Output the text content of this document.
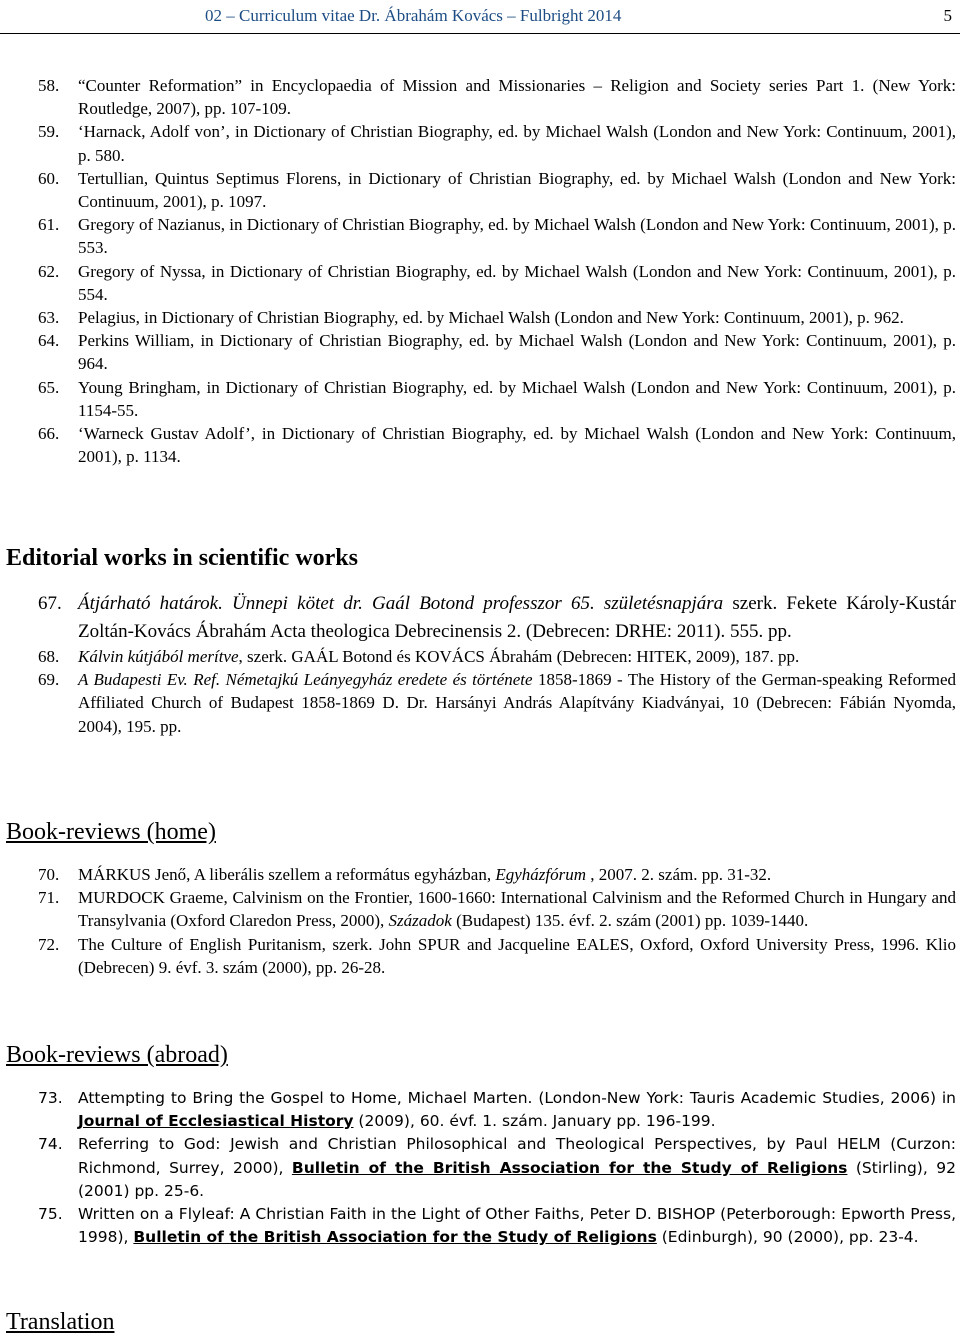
02 – Curriculum vitae Dr. Ábrahám Kovács – Fulbright 2014	5
58.	“Counter Reformation” in Encyclopaedia of Mission and Missionaries – Religion and Society series Part 1. (New York: Routledge, 2007), pp. 107-109.
59.	‘Harnack, Adolf von’, in Dictionary of Christian Biography, ed. by Michael Walsh (London and New York: Continuum, 2001), p. 580.
60.	Tertullian, Quintus Septimus Florens, in Dictionary of Christian Biography, ed. by Michael Walsh (London and New York: Continuum, 2001), p. 1097.
61.	Gregory of Nazianus, in Dictionary of Christian Biography, ed. by Michael Walsh (London and New York: Continuum, 2001), p. 553.
62.	Gregory of Nyssa, in Dictionary of Christian Biography, ed. by Michael Walsh (London and New York: Continuum, 2001), p. 554.
63.	Pelagius, in Dictionary of Christian Biography, ed. by Michael Walsh (London and New York: Continuum, 2001), p. 962.
64.	Perkins William, in Dictionary of Christian Biography, ed. by Michael Walsh (London and New York: Continuum, 2001), p. 964.
65.	Young Bringham, in Dictionary of Christian Biography, ed. by Michael Walsh (London and New York: Continuum, 2001), p. 1154-55.
66.	‘Warneck Gustav Adolf’, in Dictionary of Christian Biography, ed. by Michael Walsh (London and New York: Continuum, 2001), p. 1134.
Editorial works in scientific works
67. Átjárható határok. Ünnepi kötet dr. Gaál Botond professzor 65. születésnapjára szerk. Fekete Károly-Kustár Zoltán-Kovács Ábrahám Acta theologica Debrecinensis 2. (Debrecen: DRHE: 2011). 555. pp.
68.	Kálvin kútjából merítve, szerk. GAÁL Botond és KOVÁCS Ábrahám (Debrecen: HITEK, 2009), 187. pp.
69.	A Budapesti Ev. Ref. Németajkú Leányegyház eredete és története 1858-1869 - The History of the German-speaking Reformed Affiliated Church of Budapest 1858-1869 D. Dr. Harsányi András Alapítvány Kiadványai, 10 (Debrecen: Fábián Nyomda, 2004), 195. pp.
Book-reviews (home)
70.	MÁRKUS Jenő, A liberális szellem a református egyházban, Egyházfórum , 2007. 2. szám. pp. 31-32.
71.	MURDOCK Graeme, Calvinism on the Frontier, 1600-1660: International Calvinism and the Reformed Church in Hungary and Transylvania (Oxford Claredon Press, 2000), Századok (Budapest) 135. évf. 2. szám (2001) pp. 1039-1440.
72.	The Culture of English Puritanism, szerk. John SPUR and Jacqueline EALES, Oxford, Oxford University Press, 1996. Klio (Debrecen) 9. évf. 3. szám (2000), pp. 26-28.
Book-reviews (abroad)
73. Attempting to Bring the Gospel to Home, Michael Marten. (London-New York: Tauris Academic Studies, 2006) in Journal of Ecclesiastical History (2009), 60. évf. 1. szám. January pp. 196-199.
74. Referring to God: Jewish and Christian Philosophical and Theological Perspectives, by Paul HELM (Curzon: Richmond, Surrey, 2000), Bulletin of the British Association for the Study of Religions (Stirling), 92 (2001) pp. 25-6.
75. Written on a Flyleaf: A Christian Faith in the Light of Other Faiths, Peter D. BISHOP (Peterborough: Epworth Press, 1998), Bulletin of the British Association for the Study of Religions (Edinburgh), 90 (2000), pp. 23-4.
Translation
